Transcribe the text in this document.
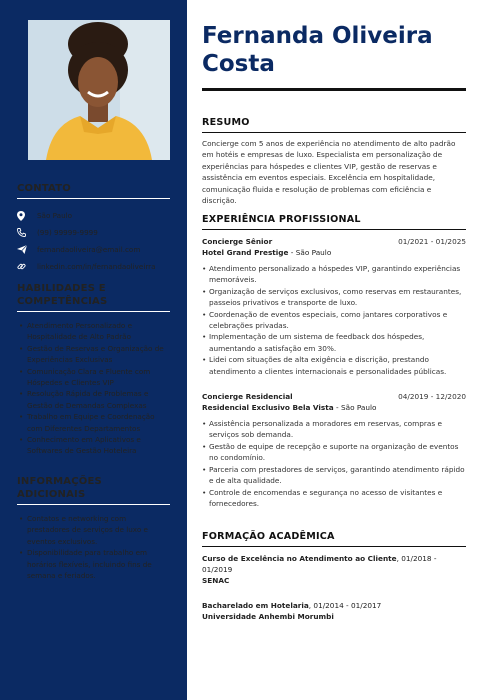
CONTATO
São Paulo
(99) 99999-9999
fernandaoliveira@email.com
linkedin.com/in/fernandaoliveirra
HABILIDADES E
COMPETÊNCIAS
• Atendimento Personalizado e Hospitalidade de Alto Padrão
• Gestão de Reservas e Organização de Experiências Exclusivas
• Comunicação Clara e Fluente com Hóspedes e Clientes VIP
• Resolução Rápida de Problemas e Gestão de Demandas Complexas
• Trabalho em Equipe e Coordenação com Diferentes Departamentos
• Conhecimento em Aplicativos e Softwares de Gestão Hoteleira
INFORMAÇÕES ADICIONAIS
• Contatos e networking com prestadores de serviços de luxo e eventos exclusivos.
• Disponibilidade para trabalho em horários flexíveis, incluindo fins de semana e feriados.
Fernanda Oliveira Costa
RESUMO

Concierge com 5 anos de experiência no atendimento de alto padrão em hotéis e empresas de luxo. Especialista em personalização de experiências para hóspedes e clientes VIP, gestão de reservas e assistência em eventos especiais. Excelência em hospitalidade, comunicação fluida e resolução de problemas com eficiência e discrição.

EXPERIÊNCIA PROFISSIONAL
Concierge Sênior	01/2021 - 01/2025
Hotel Grand Prestige - São Paulo
• Atendimento personalizado a hóspedes VIP, garantindo experiências memoráveis.
• Organização de serviços exclusivos, como reservas em restaurantes, passeios privativos e transporte de luxo.
• Coordenação de eventos especiais, como jantares corporativos e celebrações privadas.
• Implementação de um sistema de feedback dos hóspedes, aumentando a satisfação em 30%.
• Lidei com situações de alta exigência e discrição, prestando atendimento a clientes internacionais e personalidades públicas.
Concierge Residencial	04/2019 - 12/2020
Residencial Exclusivo Bela Vista - São Paulo
• Assistência personalizada a moradores em reservas, compras e serviços sob demanda.
• Gestão de equipe de recepção e suporte na organização de eventos no condomínio.
• Parceria com prestadores de serviços, garantindo atendimento rápido e de alta qualidade.
• Controle de encomendas e segurança no acesso de visitantes e fornecedores.
FORMAÇÃO ACADÊMICA
Curso de Excelência no Atendimento ao Cliente, 01/2018 - 01/2019
SENAC
Bacharelado em Hotelaria, 01/2014 - 01/2017
Universidade Anhembi Morumbi
